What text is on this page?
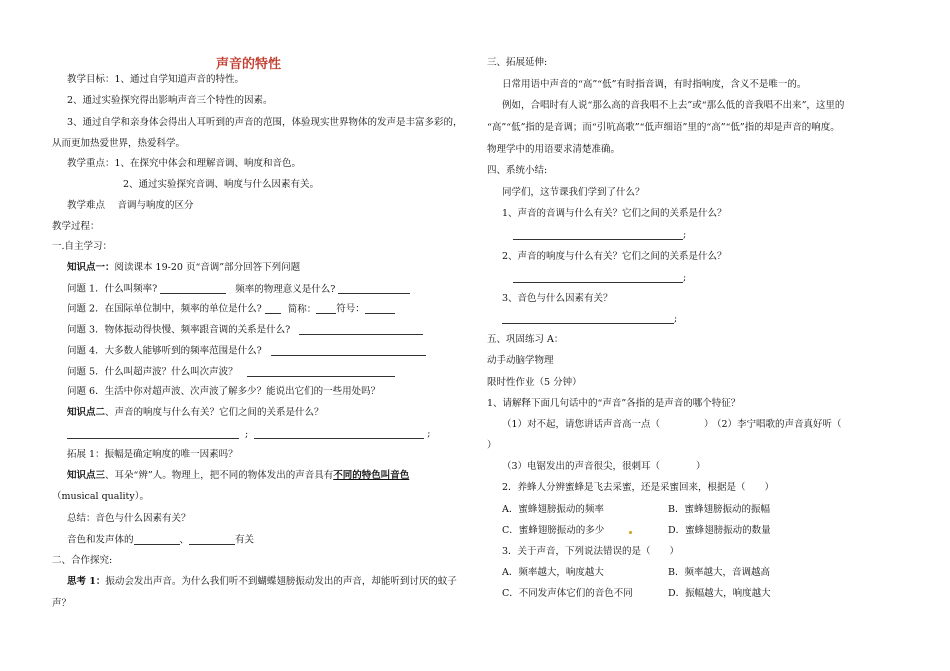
声音的特性
教学目标：1、通过自学知道声音的特性。
2、通过实验探究得出影响声音三个特性的因素。
3、通过自学和亲身体会得出人耳听到的声音的范围，体验现实世界物体的发声是丰富多彩的，
从而更加热爱世界，热爱科学。
教学重点：1、在探究中体会和理解音调、响度和音色。
2、通过实验探究音调、响度与什么因素有关。
教学难点　 音调与响度的区分
教学过程：
一.自主学习：
知识点一：阅读课本 19-20 页“音调”部分回答下列问题
问题 1．什么叫频率?	频率的物理意义是什么?
问题 2．在国际单位制中，频率的单位是什么?	简称： 符号：
问题 3．物体振动得快慢、频率跟音调的关系是什么?
问题 4．大多数人能够听到的频率范围是什么?
问题 5．什么叫超声波？什么叫次声波？
问题 6．生活中你对超声波、次声波了解多少？能说出它们的一些用处吗？
知识点二、声音的响度与什么有关？它们之间的关系是什么？
;	;
拓展 1：振幅是确定响度的唯一因素吗？
知识点三、耳朵“辨”人。物理上，把不同的物体发出的声音具有不同的特色叫音色
（musical quality）。
总结：音色与什么因素有关？
音色和发声体的	、	有关
二、合作探究:
思考 1：振动会发出声音。为什么我们听不到蝴蝶翅膀振动发出的声音，却能听到讨厌的蚊子
声？
三、拓展延伸:
日常用语中声音的“高”“低”有时指音调，有时指响度，含义不是唯一的。
例如，合唱时有人说“那么高的音我唱不上去”或“那么低的音我唱不出来”，这里的
“高”“低”指的是音调；而“引吭高歌”“低声细语”里的“高”“低”指的却是声音的响度。
物理学中的用语要求清楚准确。
四、系统小结:
同学们，这节课我们学到了什么？
1、声音的音调与什么有关？它们之间的关系是什么？
;
2、声音的响度与什么有关？它们之间的关系是什么？
;
3、音色与什么因素有关？
;
五、巩固练习 A：
动手动脑学物理
限时性作业（5 分钟）
1、请解释下面几句话中的“声音”各指的是声音的哪个特征？
（1）对不起，请您讲话声音高一点（	）
（2）李宁唱歌的声音真好听（
）
（3）电锯发出的声音很尖，很刺耳（	）
2．养蜂人分辨蜜蜂是飞去采蜜，还是采蜜回来，根据是（　　）
A．蜜蜂翅膀振动的频率	B．蜜蜂翅膀振动的振幅
C．蜜蜂翅膀振动的多少	D．蜜蜂翅膀振动的数量
3．关于声音，下列说法错误的是（　　）
A．频率越大，响度越大	B．频率越大，音调越高
C．不同发声体它们的音色不同	D．振幅越大，响度越大
